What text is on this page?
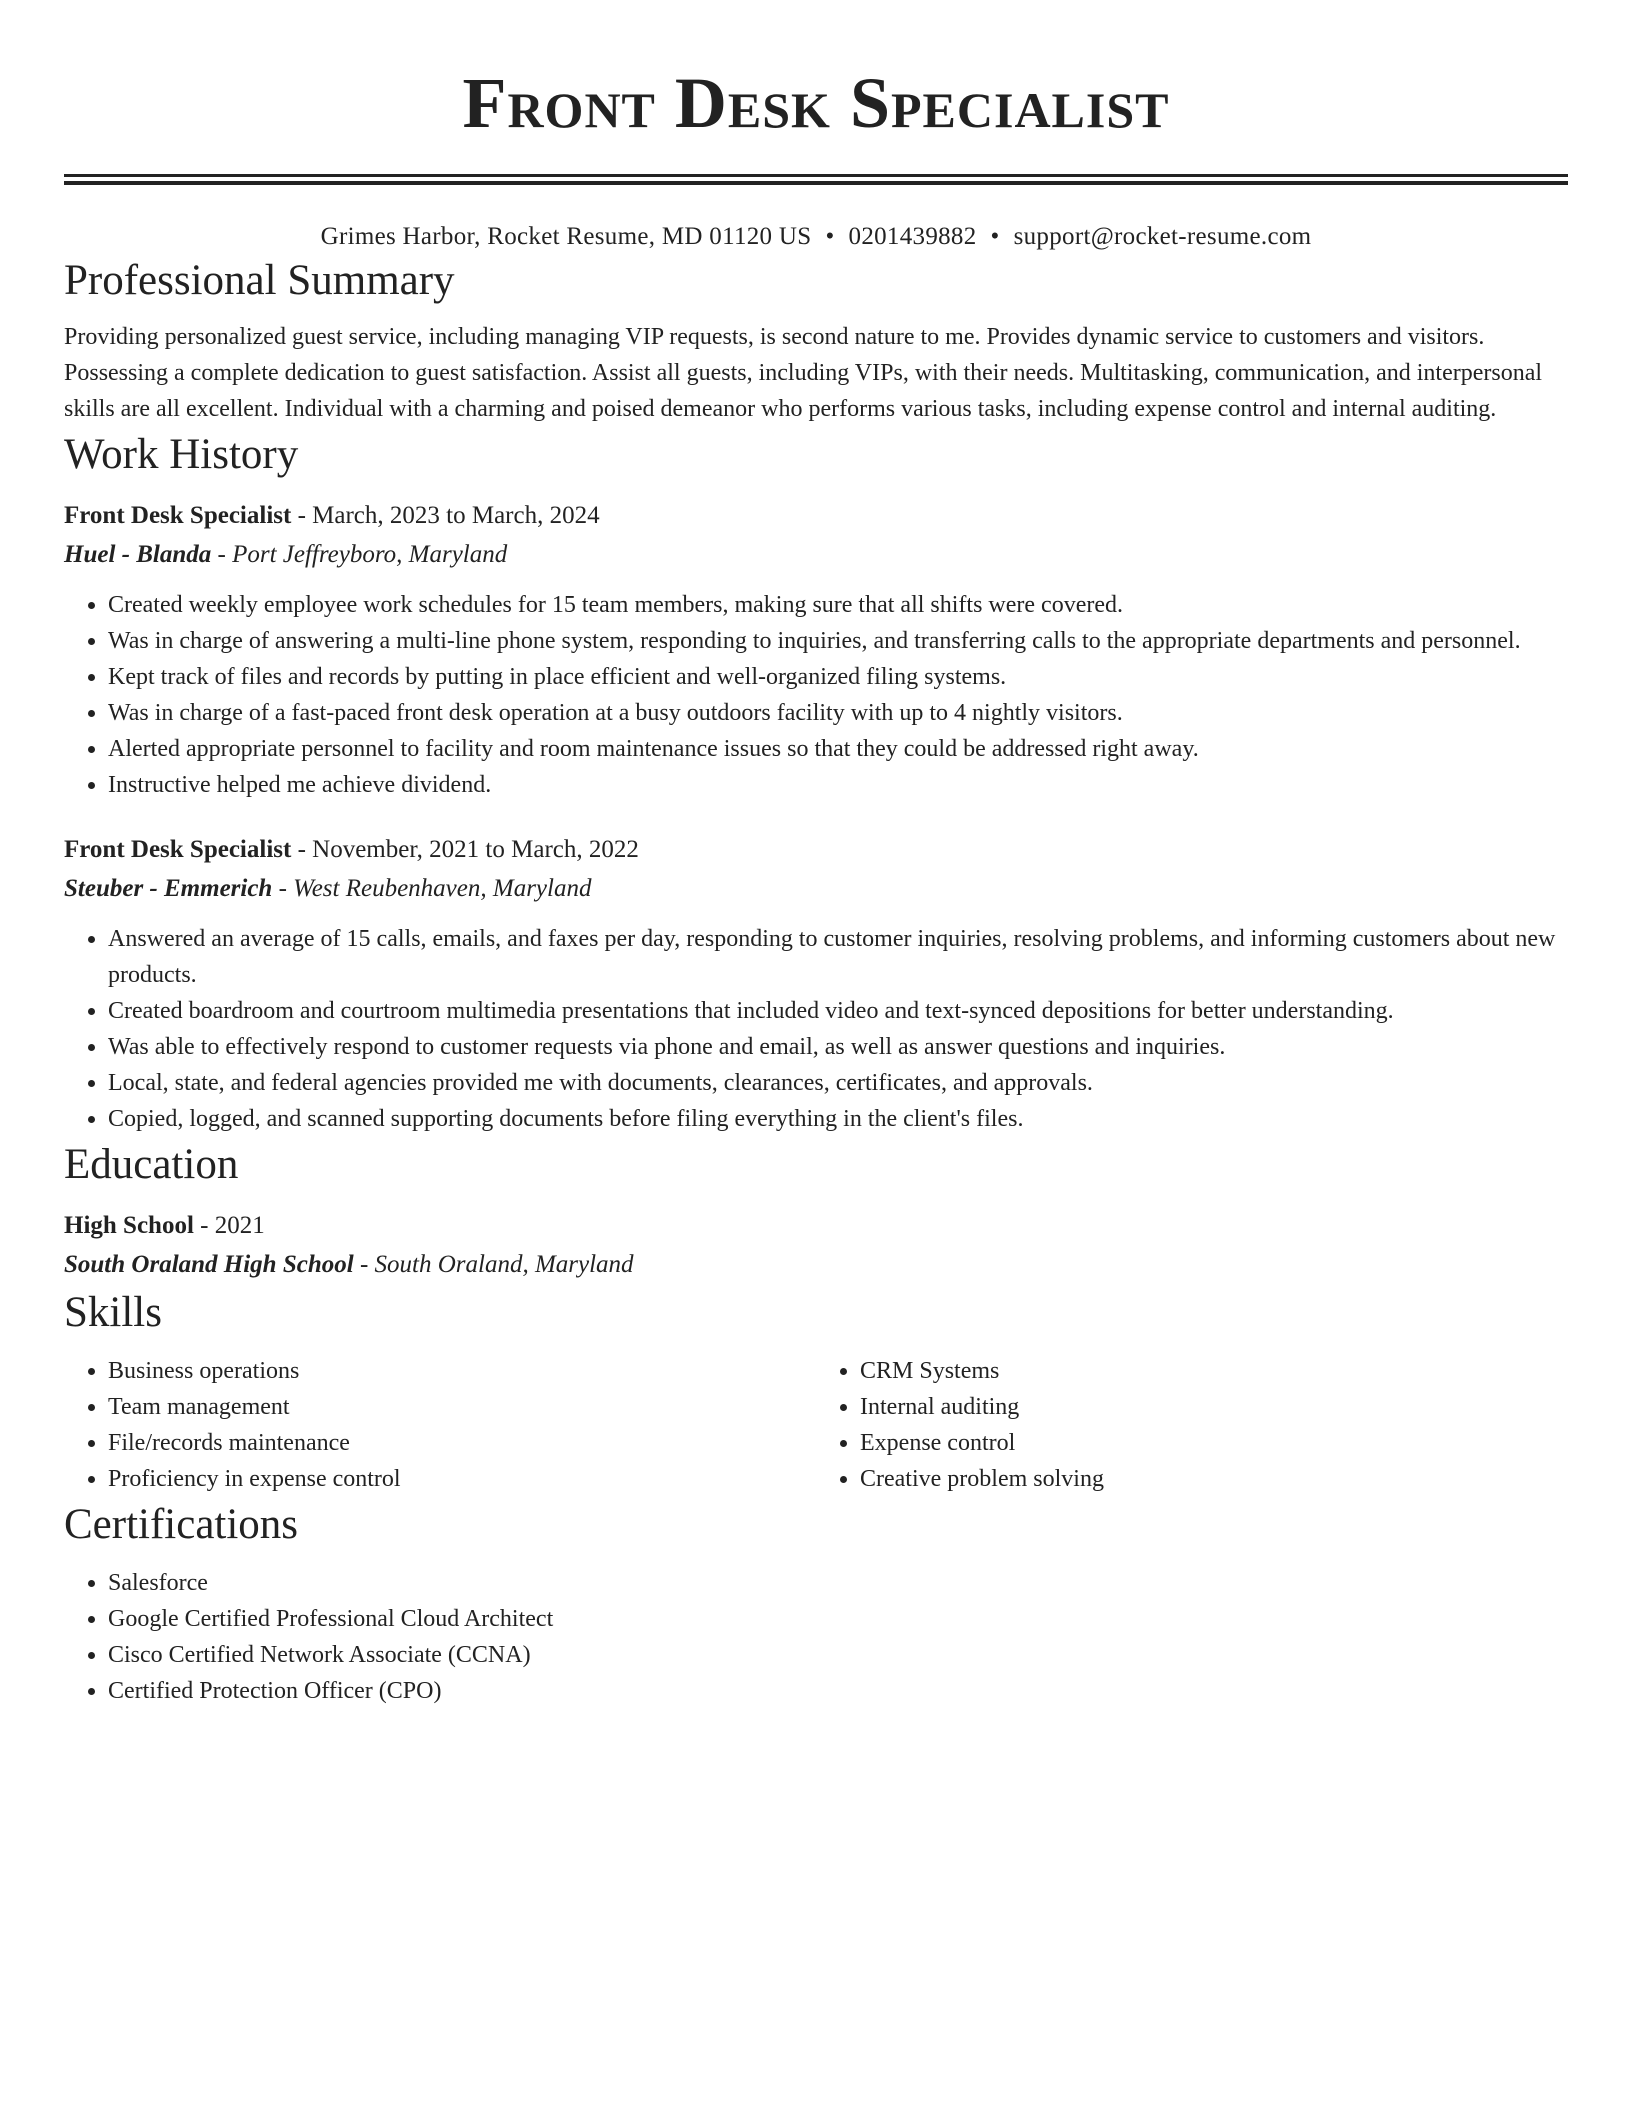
Front Desk Specialist
Grimes Harbor, Rocket Resume, MD 01120 US • 0201439882 • support@rocket-resume.com
Professional Summary

Providing personalized guest service, including managing VIP requests, is second nature to me. Provides dynamic service to customers and visitors. Possessing a complete dedication to guest satisfaction. Assist all guests, including VIPs, with their needs. Multitasking, communication, and interpersonal skills are all excellent. Individual with a charming and poised demeanor who performs various tasks, including expense control and internal auditing.

Work History
Front Desk Specialist - March, 2023 to March, 2024
Huel - Blanda - Port Jeffreyboro, Maryland
• Created weekly employee work schedules for 15 team members, making sure that all shifts were covered.
• Was in charge of answering a multi-line phone system, responding to inquiries, and transferring calls to the appropriate departments and personnel.
• Kept track of files and records by putting in place efficient and well-organized filing systems.
• Was in charge of a fast-paced front desk operation at a busy outdoors facility with up to 4 nightly visitors.
• Alerted appropriate personnel to facility and room maintenance issues so that they could be addressed right away.
• Instructive helped me achieve dividend.
Front Desk Specialist - November, 2021 to March, 2022
Steuber - Emmerich - West Reubenhaven, Maryland
• Answered an average of 15 calls, emails, and faxes per day, responding to customer inquiries, resolving problems, and informing customers about new products.
• Created boardroom and courtroom multimedia presentations that included video and text-synced depositions for better understanding.
• Was able to effectively respond to customer requests via phone and email, as well as answer questions and inquiries.
• Local, state, and federal agencies provided me with documents, clearances, certificates, and approvals.
• Copied, logged, and scanned supporting documents before filing everything in the client's files.
Education
High School - 2021
South Oraland High School - South Oraland, Maryland
Skills
• Business operations
• Team management
• File/records maintenance
• Proficiency in expense control
• CRM Systems
• Internal auditing
• Expense control
• Creative problem solving
Certifications
• Salesforce
• Google Certified Professional Cloud Architect
• Cisco Certified Network Associate (CCNA)
• Certified Protection Officer (CPO)
